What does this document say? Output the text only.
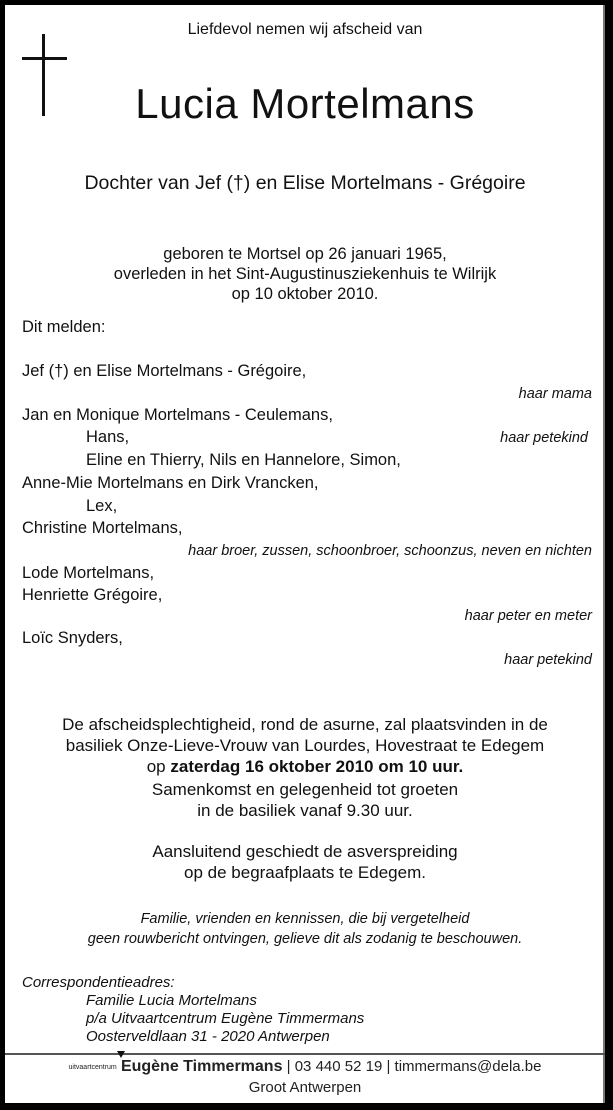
Liefdevol nemen wij afscheid van
Lucia Mortelmans
Dochter van Jef (†) en Elise Mortelmans - Grégoire
geboren te Mortsel op 26 januari 1965,
overleden in het Sint-Augustinusziekenhuis te Wilrijk
op 10 oktober 2010.
Dit melden:
Jef (†) en Elise Mortelmans - Grégoire,
haar mama
Jan en Monique Mortelmans - Ceulemans,
Hans,	haar petekind
Eline en Thierry, Nils en Hannelore, Simon,
Anne-Mie Mortelmans en Dirk Vrancken,
Lex,
Christine Mortelmans,
haar broer, zussen, schoonbroer, schoonzus, neven en nichten
Lode Mortelmans,
Henriette Grégoire,
haar peter en meter
Loïc Snyders,
haar petekind
De afscheidsplechtigheid, rond de asurne, zal plaatsvinden in de
basiliek Onze-Lieve-Vrouw van Lourdes, Hovestraat te Edegem
op zaterdag 16 oktober 2010 om 10 uur.
Samenkomst en gelegenheid tot groeten
in de basiliek vanaf 9.30 uur.
Aansluitend geschiedt de asverspreiding
op de begraafplaats te Edegem.
Familie, vrienden en kennissen, die bij vergetelheid
geen rouwbericht ontvingen, gelieve dit als zodanig te beschouwen.
Correspondentieadres:
Familie Lucia Mortelmans
p/a Uitvaartcentrum Eugène Timmermans
Oosterveldlaan 31 - 2020 Antwerpen
uitvaartcentrum Eugène Timmermans | 03 440 52 19 | timmermans@dela.be
Groot Antwerpen
